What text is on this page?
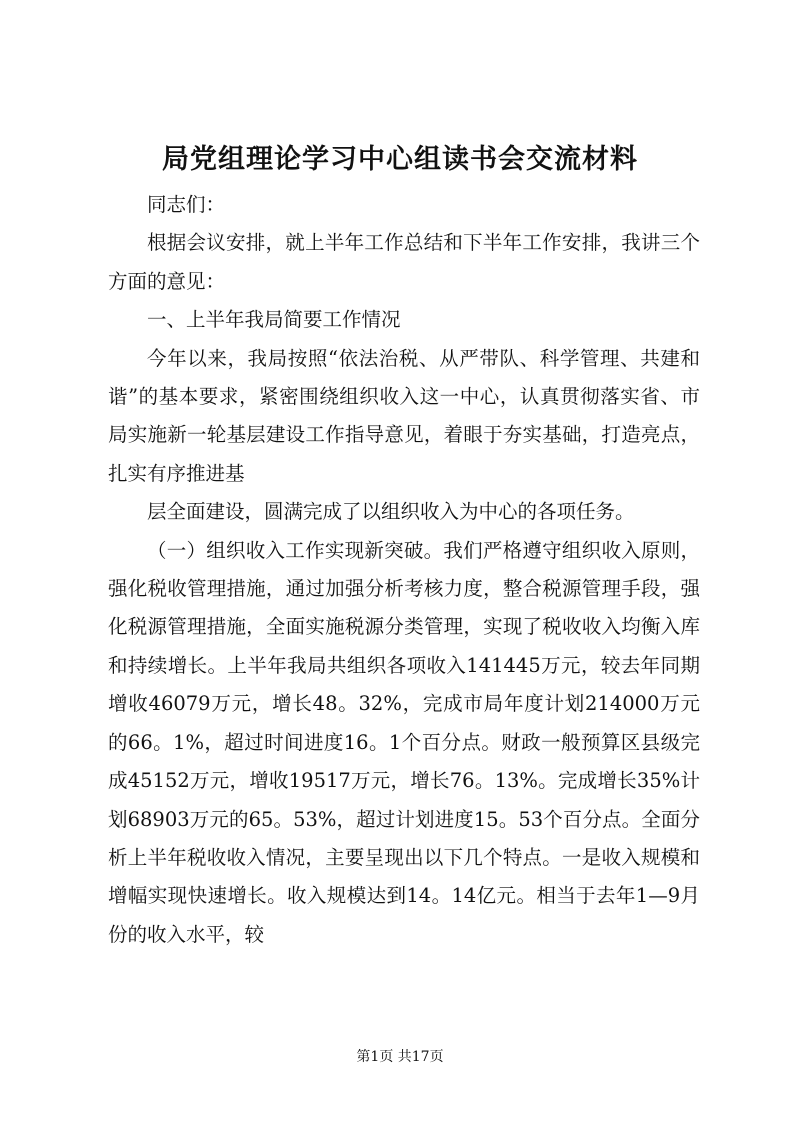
局党组理论学习中心组读书会交流材料

同志们：

根据会议安排，就上半年工作总结和下半年工作安排，我讲三个方面的意见：

一、上半年我局简要工作情况

今年以来，我局按照“依法治税、从严带队、科学管理、共建和谐”的基本要求，紧密围绕组织收入这一中心，认真贯彻落实省、市局实施新一轮基层建设工作指导意见，着眼于夯实基础，打造亮点，扎实有序推进基

层全面建设，圆满完成了以组织收入为中心的各项任务。

（一）组织收入工作实现新突破。我们严格遵守组织收入原则，强化税收管理措施，通过加强分析考核力度，整合税源管理手段，强化税源管理措施，全面实施税源分类管理，实现了税收收入均衡入库和持续增长。上半年我局共组织各项收入141445万元，较去年同期增收46079万元，增长48。32%，完成市局年度计划214000万元的66。1%，超过时间进度16。1个百分点。财政一般预算区县级完成45152万元，增收19517万元，增长76。13%。完成增长35%计划68903万元的65。53%，超过计划进度15。53个百分点。全面分析上半年税收收入情况，主要呈现出以下几个特点。一是收入规模和增幅实现快速增长。收入规模达到14。14亿元。相当于去年1—9月份的收入水平，较

第1页 共17页
